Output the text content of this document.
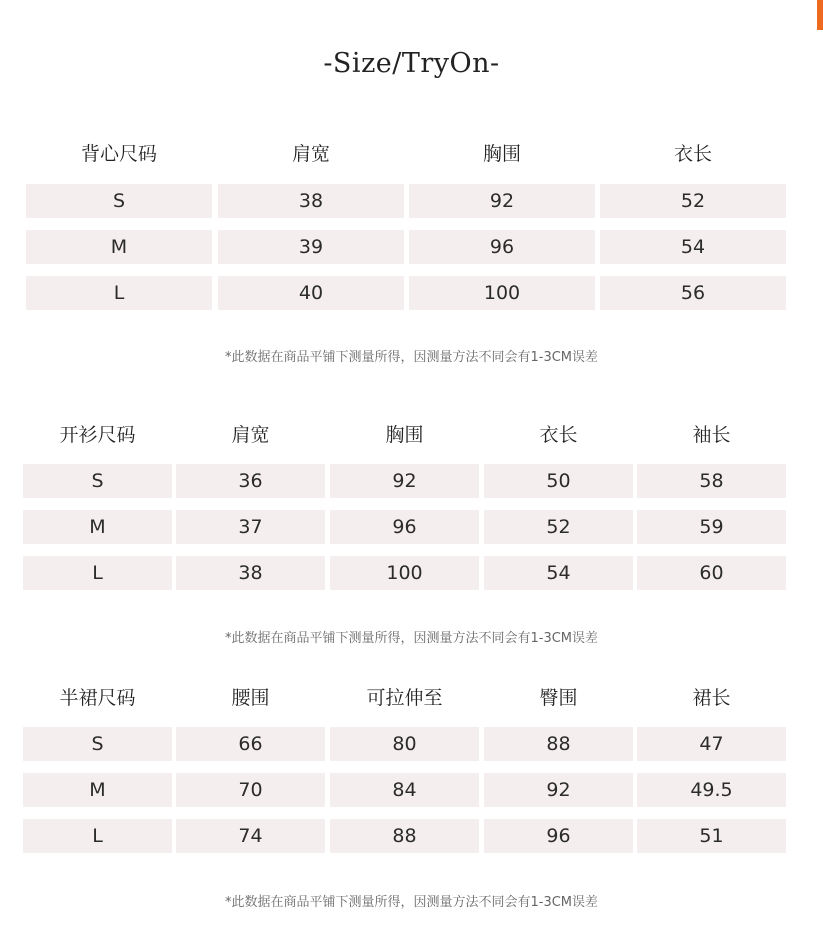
-Size/TryOn-
背心尺码	肩宽	胸围	衣长
S	38	92	52
M	39	96	54
L	40	100	56
*此数据在商品平铺下测量所得，因测量方法不同会有1-3CM误差
开衫尺码	肩宽	胸围	衣长	袖长
S	36	92	50	58
M	37	96	52	59
L	38	100	54	60
*此数据在商品平铺下测量所得，因测量方法不同会有1-3CM误差
半裙尺码	腰围	可拉伸至	臀围	裙长
S	66	80	88	47
M	70	84	92	49.5
L	74	88	96	51
*此数据在商品平铺下测量所得，因测量方法不同会有1-3CM误差
